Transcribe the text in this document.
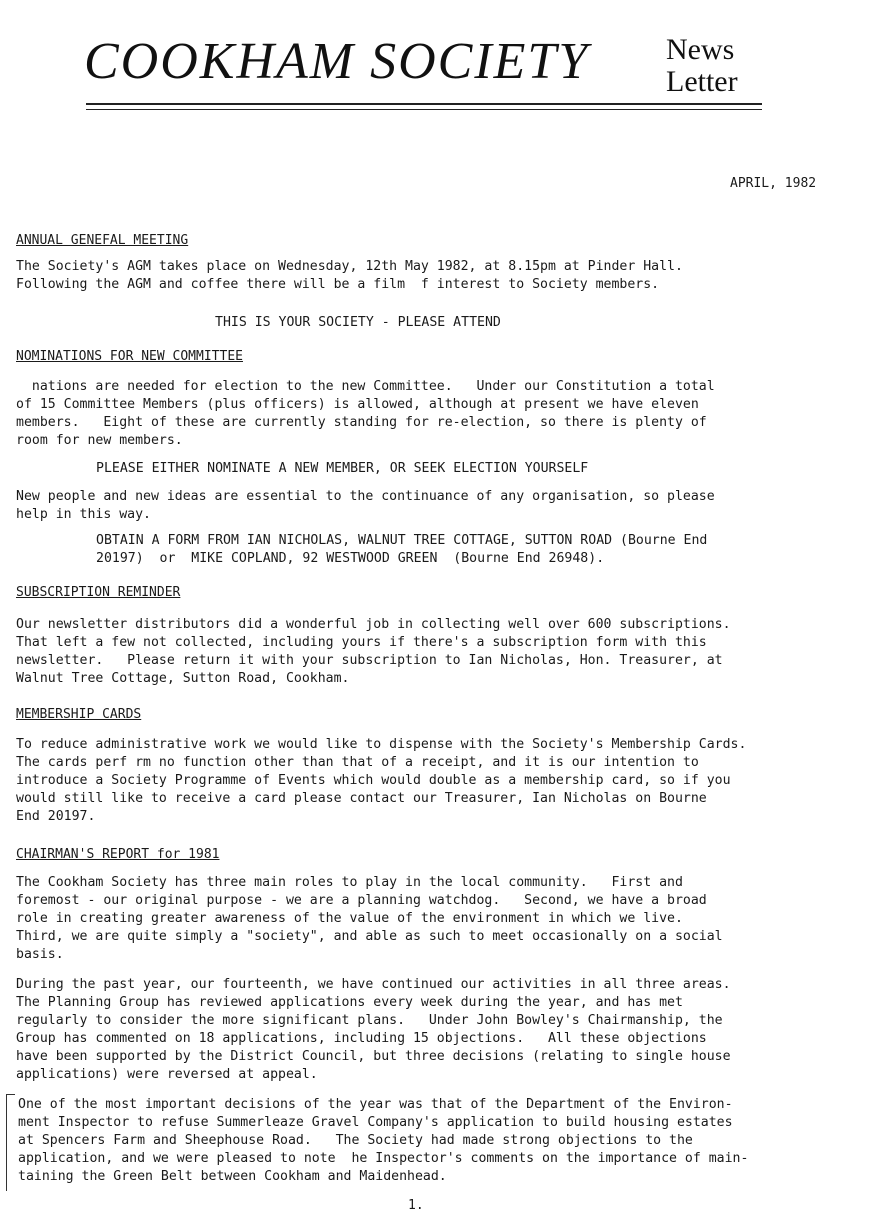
COOKHAM SOCIETY	News
Letter
APRIL, 1982
ANNUAL GENEFAL MEETING

The Society's AGM takes place on Wednesday, 12th May 1982, at 8.15pm at Pinder Hall.

Following the AGM and coffee there will be a film  f interest to Society members.

THIS IS YOUR SOCIETY - PLEASE ATTEND

NOMINATIONS FOR NEW COMMITTEE

nations are needed for election to the new Committee.   Under our Constitution a total

of 15 Committee Members (plus officers) is allowed, although at present we have eleven

members.   Eight of these are currently standing for re-election, so there is plenty of

room for new members.

PLEASE EITHER NOMINATE A NEW MEMBER, OR SEEK ELECTION YOURSELF

New people and new ideas are essential to the continuance of any organisation, so please

help in this way.

OBTAIN A FORM FROM IAN NICHOLAS, WALNUT TREE COTTAGE, SUTTON ROAD (Bourne End

20197)  or  MIKE COPLAND, 92 WESTWOOD GREEN  (Bourne End 26948).

SUBSCRIPTION REMINDER

Our newsletter distributors did a wonderful job in collecting well over 600 subscriptions.

That left a few not collected, including yours if there's a subscription form with this

newsletter.   Please return it with your subscription to Ian Nicholas, Hon. Treasurer, at

Walnut Tree Cottage, Sutton Road, Cookham.

MEMBERSHIP CARDS

To reduce administrative work we would like to dispense with the Society's Membership Cards.

The cards perf rm no function other than that of a receipt, and it is our intention to

introduce a Society Programme of Events which would double as a membership card, so if you

would still like to receive a card please contact our Treasurer, Ian Nicholas on Bourne

End 20197.

CHAIRMAN'S REPORT for 1981

The Cookham Society has three main roles to play in the local community.   First and

foremost - our original purpose - we are a planning watchdog.   Second, we have a broad

role in creating greater awareness of the value of the environment in which we live.

Third, we are quite simply a "society", and able as such to meet occasionally on a social

basis.

During the past year, our fourteenth, we have continued our activities in all three areas.

The Planning Group has reviewed applications every week during the year, and has met

regularly to consider the more significant plans.   Under John Bowley's Chairmanship, the

Group has commented on 18 applications, including 15 objections.   All these objections

have been supported by the District Council, but three decisions (relating to single house

applications) were reversed at appeal.

One of the most important decisions of the year was that of the Department of the Environ-

ment Inspector to refuse Summerleaze Gravel Company's application to build housing estates

at Spencers Farm and Sheephouse Road.   The Society had made strong objections to the

application, and we were pleased to note  he Inspector's comments on the importance of main-

taining the Green Belt between Cookham and Maidenhead.

1.
